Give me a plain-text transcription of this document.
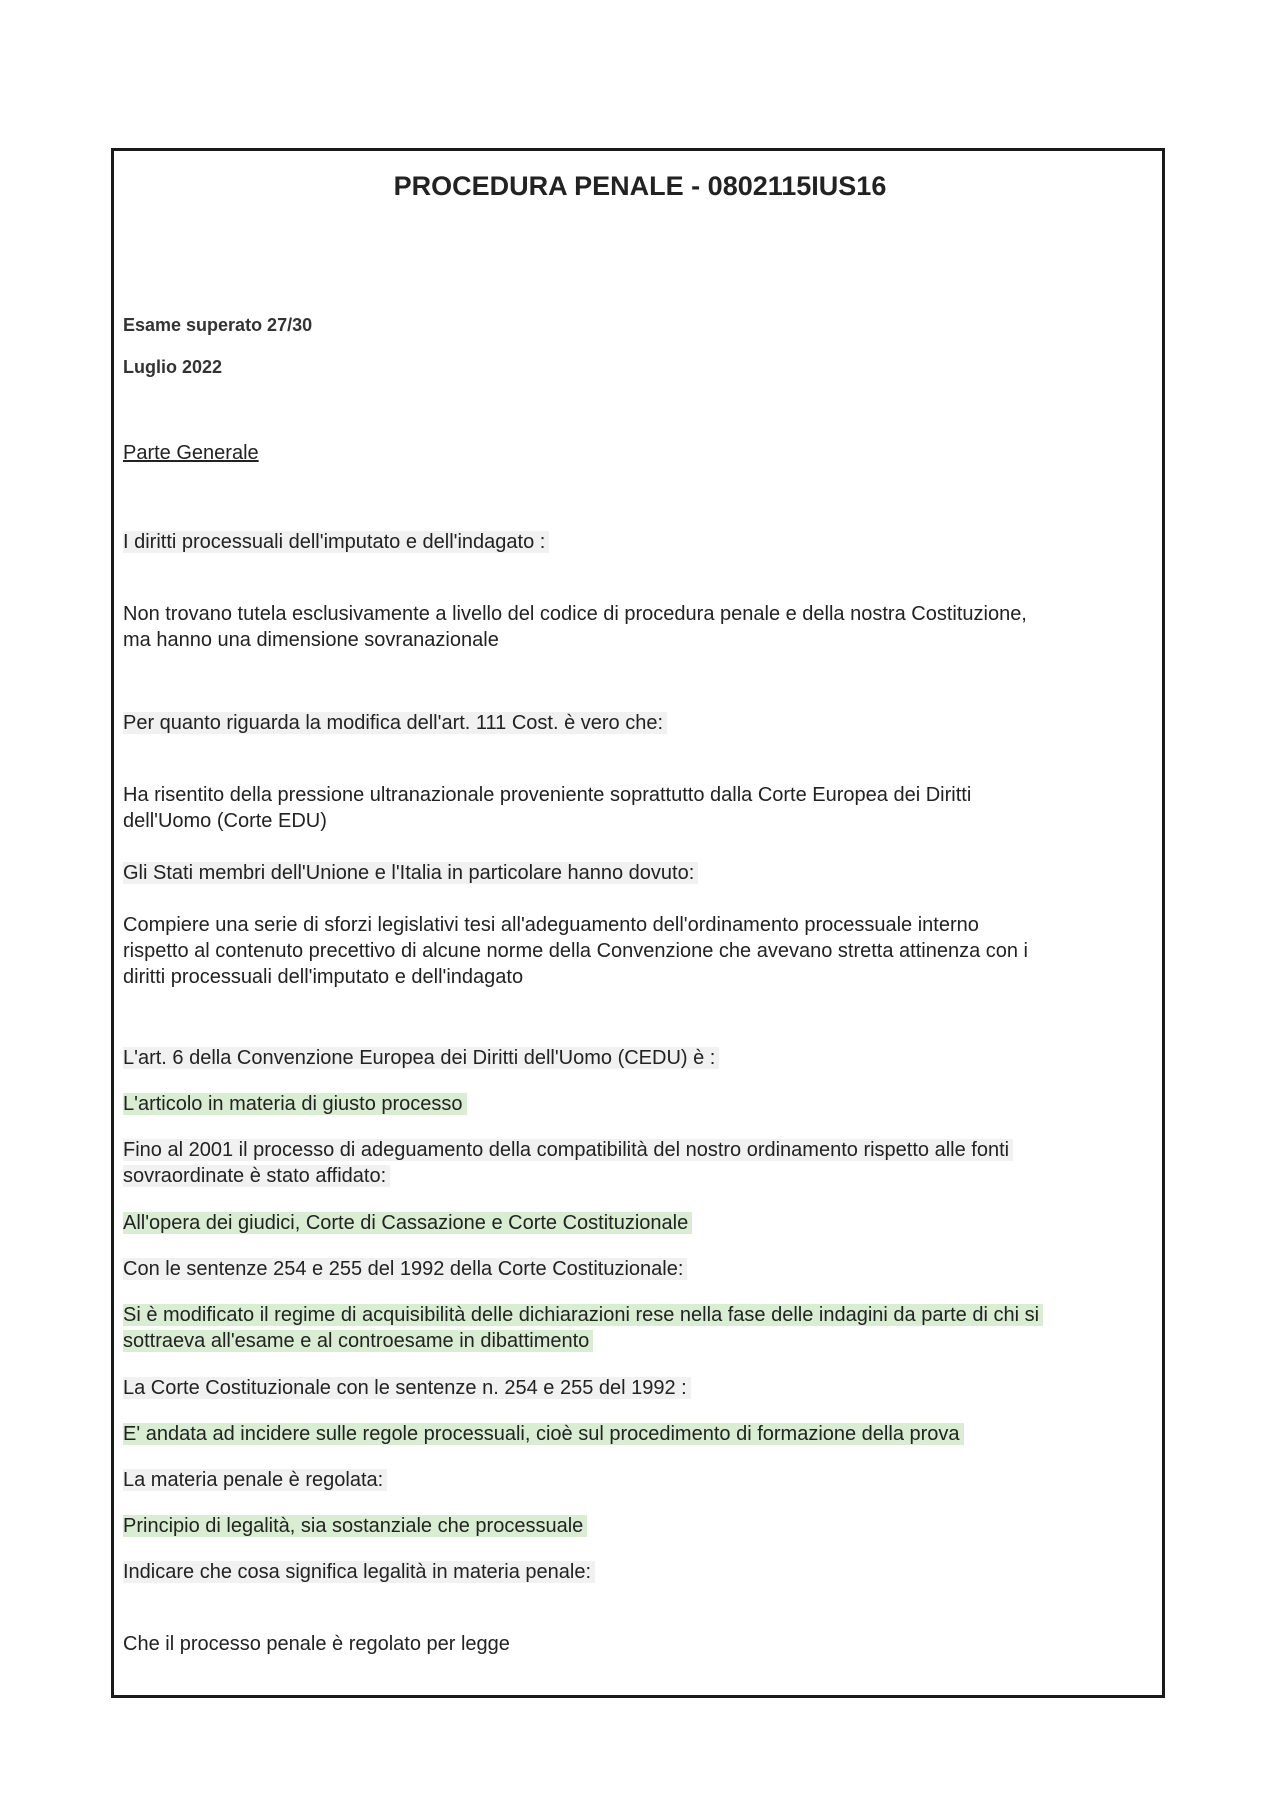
PROCEDURA PENALE - 0802115IUS16

Esame superato 27/30

Luglio 2022

Parte Generale

I diritti processuali dell'imputato e dell'indagato :

Non trovano tutela esclusivamente a livello del codice di procedura penale e della nostra Costituzione,

ma hanno una dimensione sovranazionale

Per quanto riguarda la modifica dell'art. 111 Cost. è vero che:

Ha risentito della pressione ultranazionale proveniente soprattutto dalla Corte Europea dei Diritti

dell'Uomo (Corte EDU)

Gli Stati membri dell'Unione e l'Italia in particolare hanno dovuto:

Compiere una serie di sforzi legislativi tesi all'adeguamento dell'ordinamento processuale interno

rispetto al contenuto precettivo di alcune norme della Convenzione che avevano stretta attinenza con i

diritti processuali dell'imputato e dell'indagato

L'art. 6 della Convenzione Europea dei Diritti dell'Uomo (CEDU) è :

L'articolo in materia di giusto processo

Fino al 2001 il processo di adeguamento della compatibilità del nostro ordinamento rispetto alle fonti

sovraordinate è stato affidato:

All'opera dei giudici, Corte di Cassazione e Corte Costituzionale

Con le sentenze 254 e 255 del 1992 della Corte Costituzionale:

Si è modificato il regime di acquisibilità delle dichiarazioni rese nella fase delle indagini da parte di chi si

sottraeva all'esame e al controesame in dibattimento

La Corte Costituzionale con le sentenze n. 254 e 255 del 1992 :

E' andata ad incidere sulle regole processuali, cioè sul procedimento di formazione della prova

La materia penale è regolata:

Principio di legalità, sia sostanziale che processuale

Indicare che cosa significa legalità in materia penale:

Che il processo penale è regolato per legge
